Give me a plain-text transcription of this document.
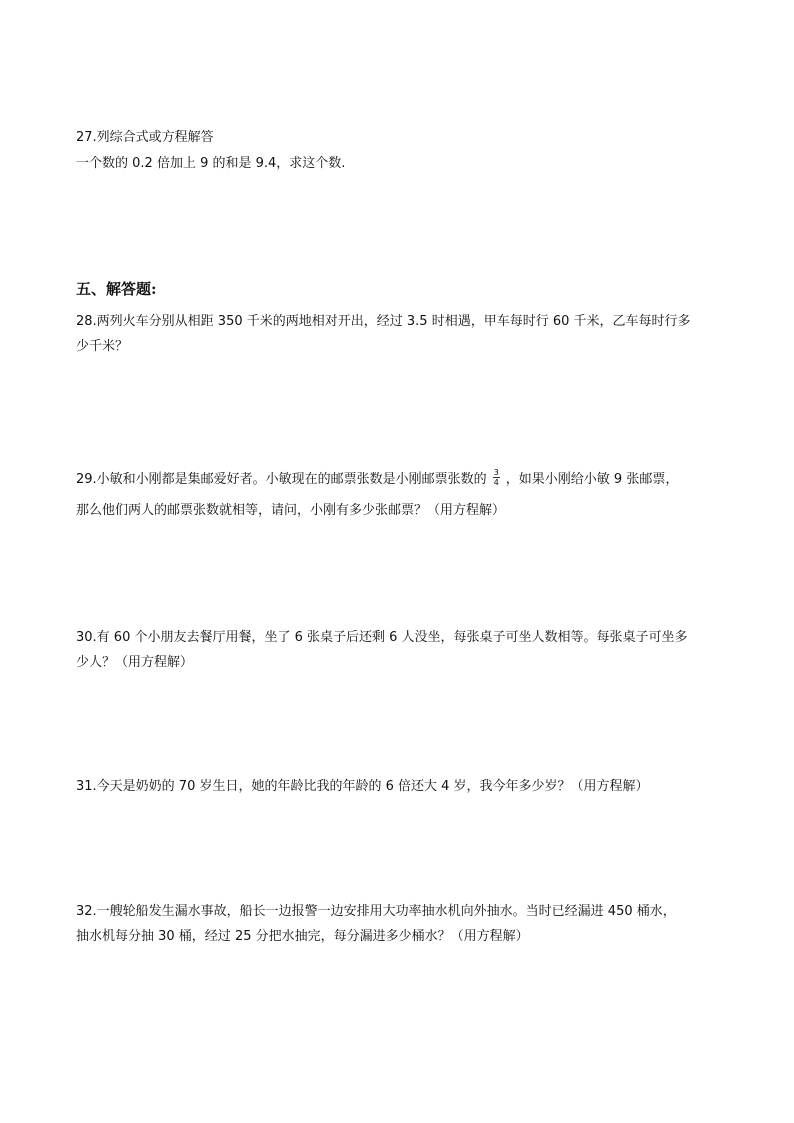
27.列综合式或方程解答
一个数的 0.2 倍加上 9 的和是 9.4，求这个数.
五、解答题:
28.两列火车分别从相距 350 千米的两地相对开出，经过 3.5 时相遇，甲车每时行 60 千米，乙车每时行多
少千米？
29.小敏和小刚都是集邮爱好者。小敏现在的邮票张数是小刚邮票张数的 $\frac{3}{4}$ ，如果小刚给小敏 9 张邮票，
那么他们两人的邮票张数就相等，请问，小刚有多少张邮票？（用方程解）
30.有 60 个小朋友去餐厅用餐，坐了 6 张桌子后还剩 6 人没坐，每张桌子可坐人数相等。每张桌子可坐多
少人？（用方程解）
31.今天是奶奶的 70 岁生日，她的年龄比我的年龄的 6 倍还大 4 岁，我今年多少岁？（用方程解）
32.一艘轮船发生漏水事故，船长一边报警一边安排用大功率抽水机向外抽水。当时已经漏进 450 桶水，
抽水机每分抽 30 桶，经过 25 分把水抽完，每分漏进多少桶水？（用方程解）
